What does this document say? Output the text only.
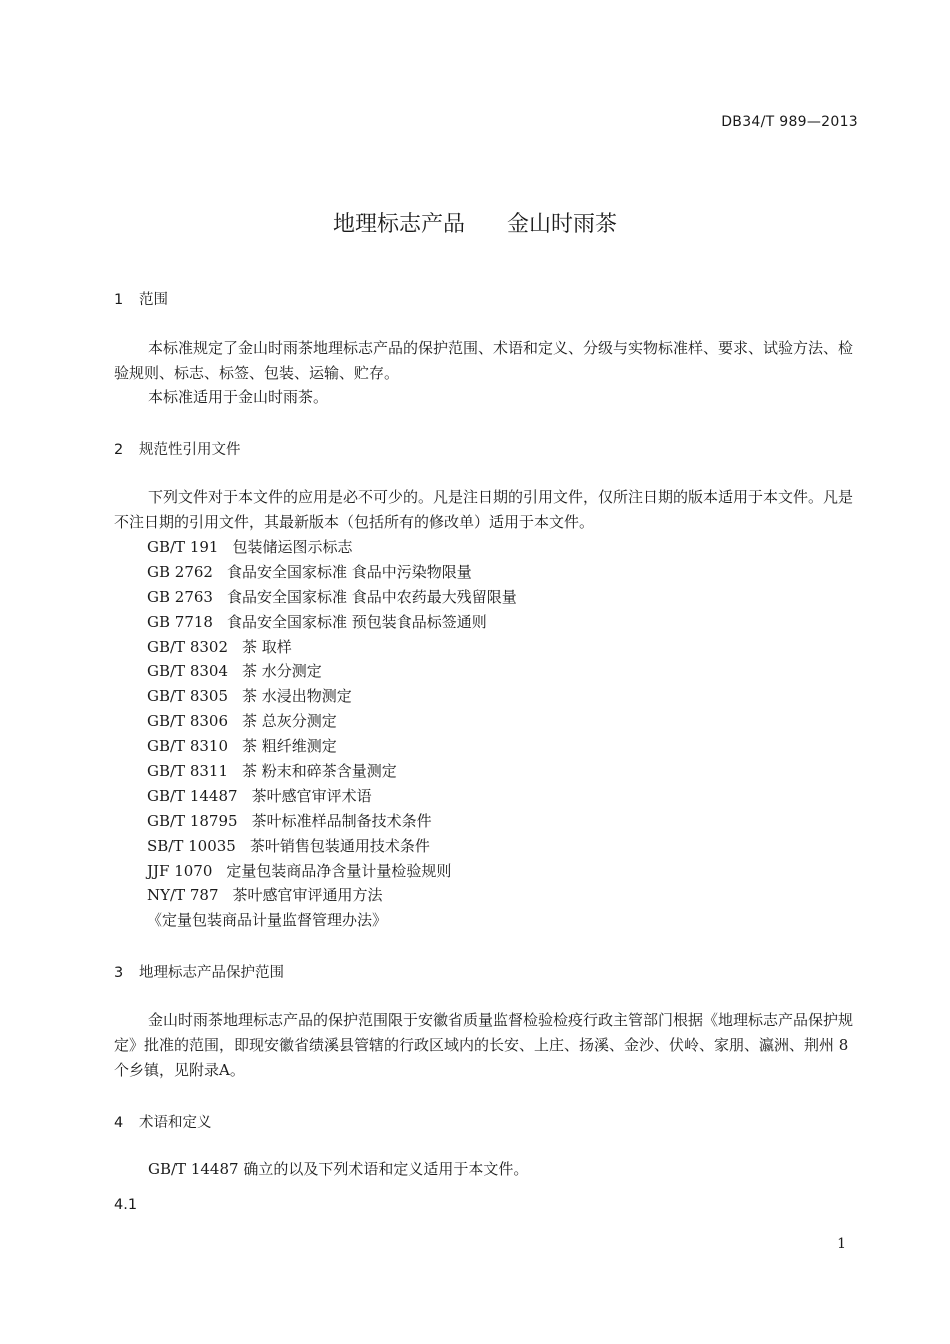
DB34/T 989—2013
地理标志产品 金山时雨茶
1 范围

本标准规定了金山时雨茶地理标志产品的保护范围、术语和定义、分级与实物标准样、要求、试验方法、检验规则、标志、标签、包装、运输、贮存。

本标准适用于金山时雨茶。

2 规范性引用文件

下列文件对于本文件的应用是必不可少的。凡是注日期的引用文件，仅所注日期的版本适用于本文件。凡是不注日期的引用文件，其最新版本（包括所有的修改单）适用于本文件。

GB/T 191 包装储运图示标志
GB 2762 食品安全国家标准 食品中污染物限量
GB 2763 食品安全国家标准 食品中农药最大残留限量
GB 7718 食品安全国家标准 预包装食品标签通则
GB/T 8302 茶 取样
GB/T 8304 茶 水分测定
GB/T 8305 茶 水浸出物测定
GB/T 8306 茶 总灰分测定
GB/T 8310 茶 粗纤维测定
GB/T 8311 茶 粉末和碎茶含量测定
GB/T 14487 茶叶感官审评术语
GB/T 18795 茶叶标准样品制备技术条件
SB/T 10035 茶叶销售包装通用技术条件
JJF 1070 定量包装商品净含量计量检验规则
NY/T 787 茶叶感官审评通用方法
《定量包装商品计量监督管理办法》
3 地理标志产品保护范围

金山时雨茶地理标志产品的保护范围限于安徽省质量监督检验检疫行政主管部门根据《地理标志产品保护规定》批准的范围，即现安徽省绩溪县管辖的行政区域内的长安、上庄、扬溪、金沙、伏岭、家朋、瀛洲、荆州 8 个乡镇，见附录A。

4 术语和定义

GB/T 14487 确立的以及下列术语和定义适用于本文件。

4.1
1
